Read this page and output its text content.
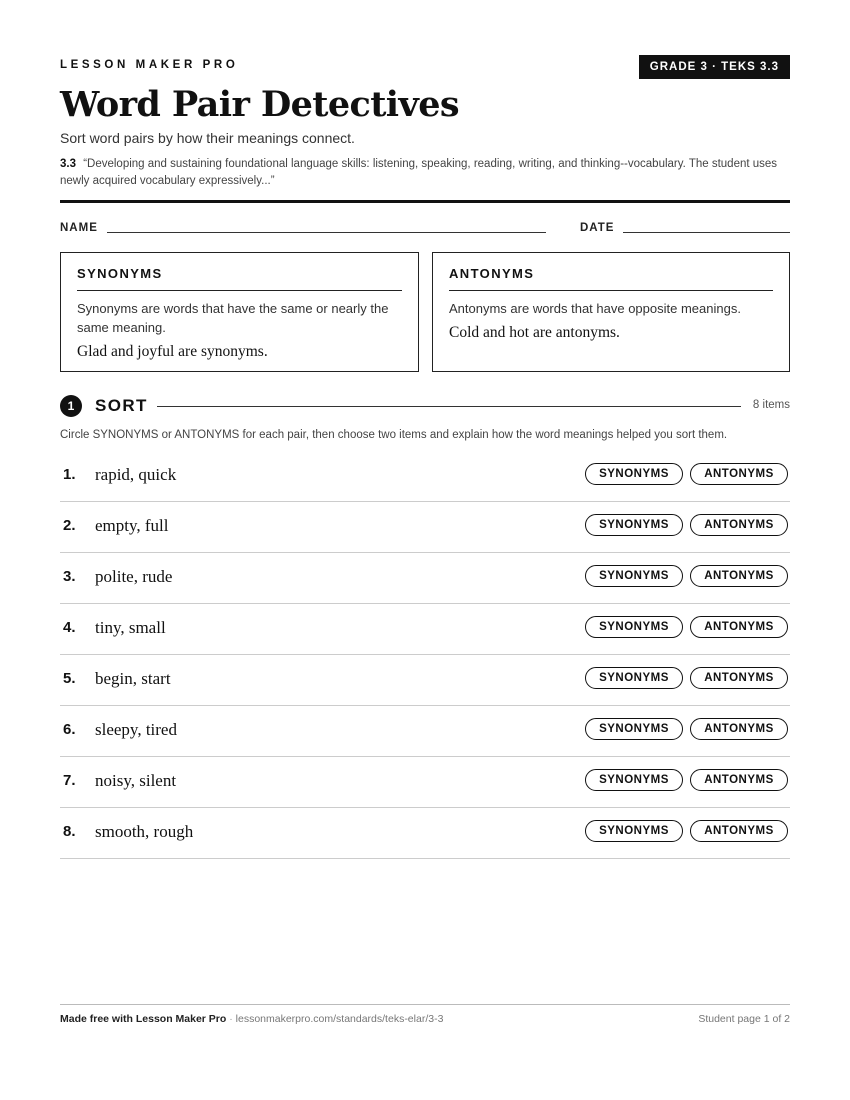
LESSON MAKER PRO	GRADE 3 · TEKS 3.3
Word Pair Detectives
Sort word pairs by how their meanings connect.
3.3 “Developing and sustaining foundational language skills: listening, speaking, reading, writing, and thinking--vocabulary. The student uses newly acquired vocabulary expressively...”
NAME	DATE
SYNONYMS
Synonyms are words that have the same or nearly the same meaning.
Glad and joyful are synonyms.
ANTONYMS
Antonyms are words that have opposite meanings.
Cold and hot are antonyms.
1	SORT	8 items
Circle SYNONYMS or ANTONYMS for each pair, then choose two items and explain how the word meanings helped you sort them.
1. rapid, quick	SYNONYMS	ANTONYMS
2. empty, full	SYNONYMS	ANTONYMS
3. polite, rude	SYNONYMS	ANTONYMS
4. tiny, small	SYNONYMS	ANTONYMS
5. begin, start	SYNONYMS	ANTONYMS
6. sleepy, tired	SYNONYMS	ANTONYMS
7. noisy, silent	SYNONYMS	ANTONYMS
8. smooth, rough	SYNONYMS	ANTONYMS
Made free with Lesson Maker Pro · lessonmakerpro.com/standards/teks-elar/3-3	Student page 1 of 2
